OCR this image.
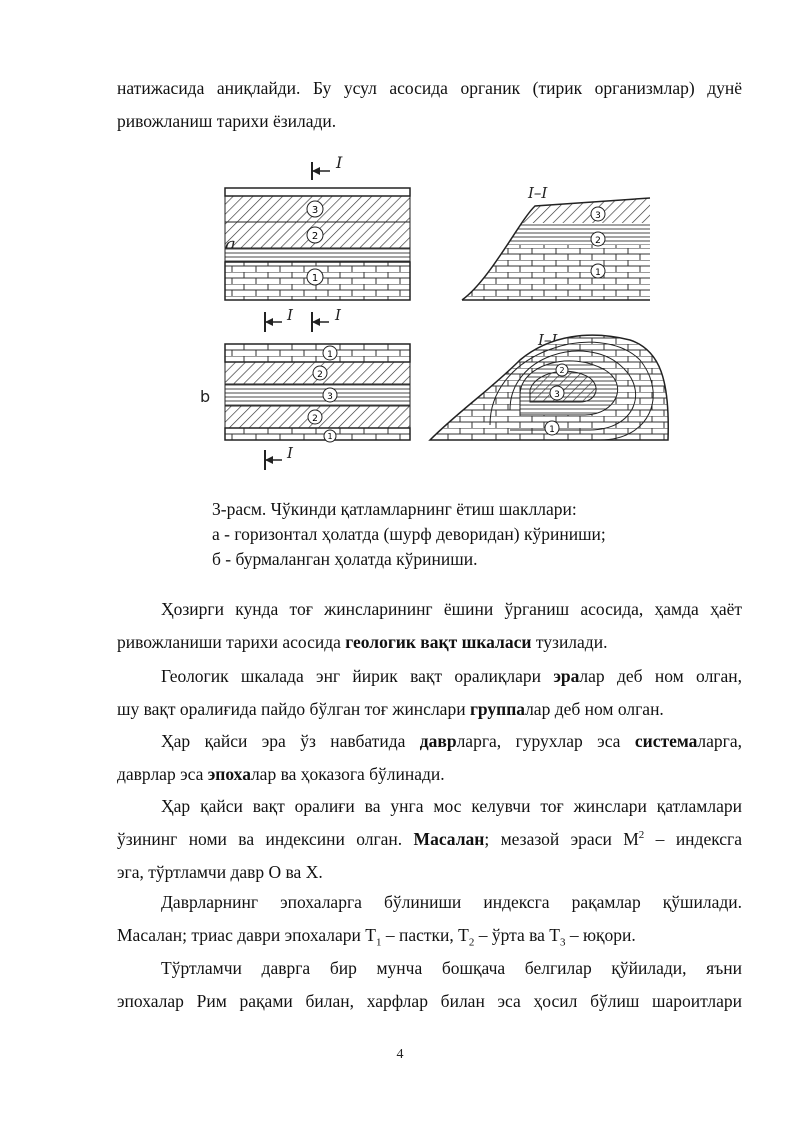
натижасида аниқлайди. Бу усул асосида органик (тирик организмлар) дунё
ривожланиш тарихи ёзилади.

3
2
1
I
I–I
3
2
1
b
1
2
3
2
1
I	I
I
I–I
3
2
1
3-расм. Чўкинди қатламларнинг ётиш шакллари:
а - горизонтал ҳолатда (шурф деворидан) кўриниши;
б - бурмаланган ҳолатда кўриниши.

Ҳозирги кунда тоғ жинсларининг ёшини ўрганиш асосида, ҳамда ҳаёт
ривожланиши тарихи асосида геологик вақт шкаласи тузилади.

Геологик шкалада энг йирик вақт оралиқлари эралар деб ном олган,
шу вақт оралиғида пайдо бўлган тоғ жинслари группалар деб ном олган.

Ҳар қайси эра ўз навбатида даврларга, гурухлар эса системаларга,
даврлар эса эпохалар ва ҳоказога бўлинади.

Ҳар қайси вақт оралиғи ва унга мос келувчи тоғ жинслари қатламлари
ўзининг номи ва индексини олган. Масалан; мезазой эраси $M^2$ – индексга
эга, тўртламчи давр O ва X.

Даврларнинг эпохаларга бўлиниши индексга рақамлар қўшилади.
Масалан; триас даври эпохалари $T_1$ – пастки, $T_2$ – ўрта ва $T_3$ – юқори.

Тўртламчи даврга бир мунча бошқача белгилар қўйилади, яъни
эпохалар Рим рақами билан, харфлар билан эса ҳосил бўлиш шароитлари

4
